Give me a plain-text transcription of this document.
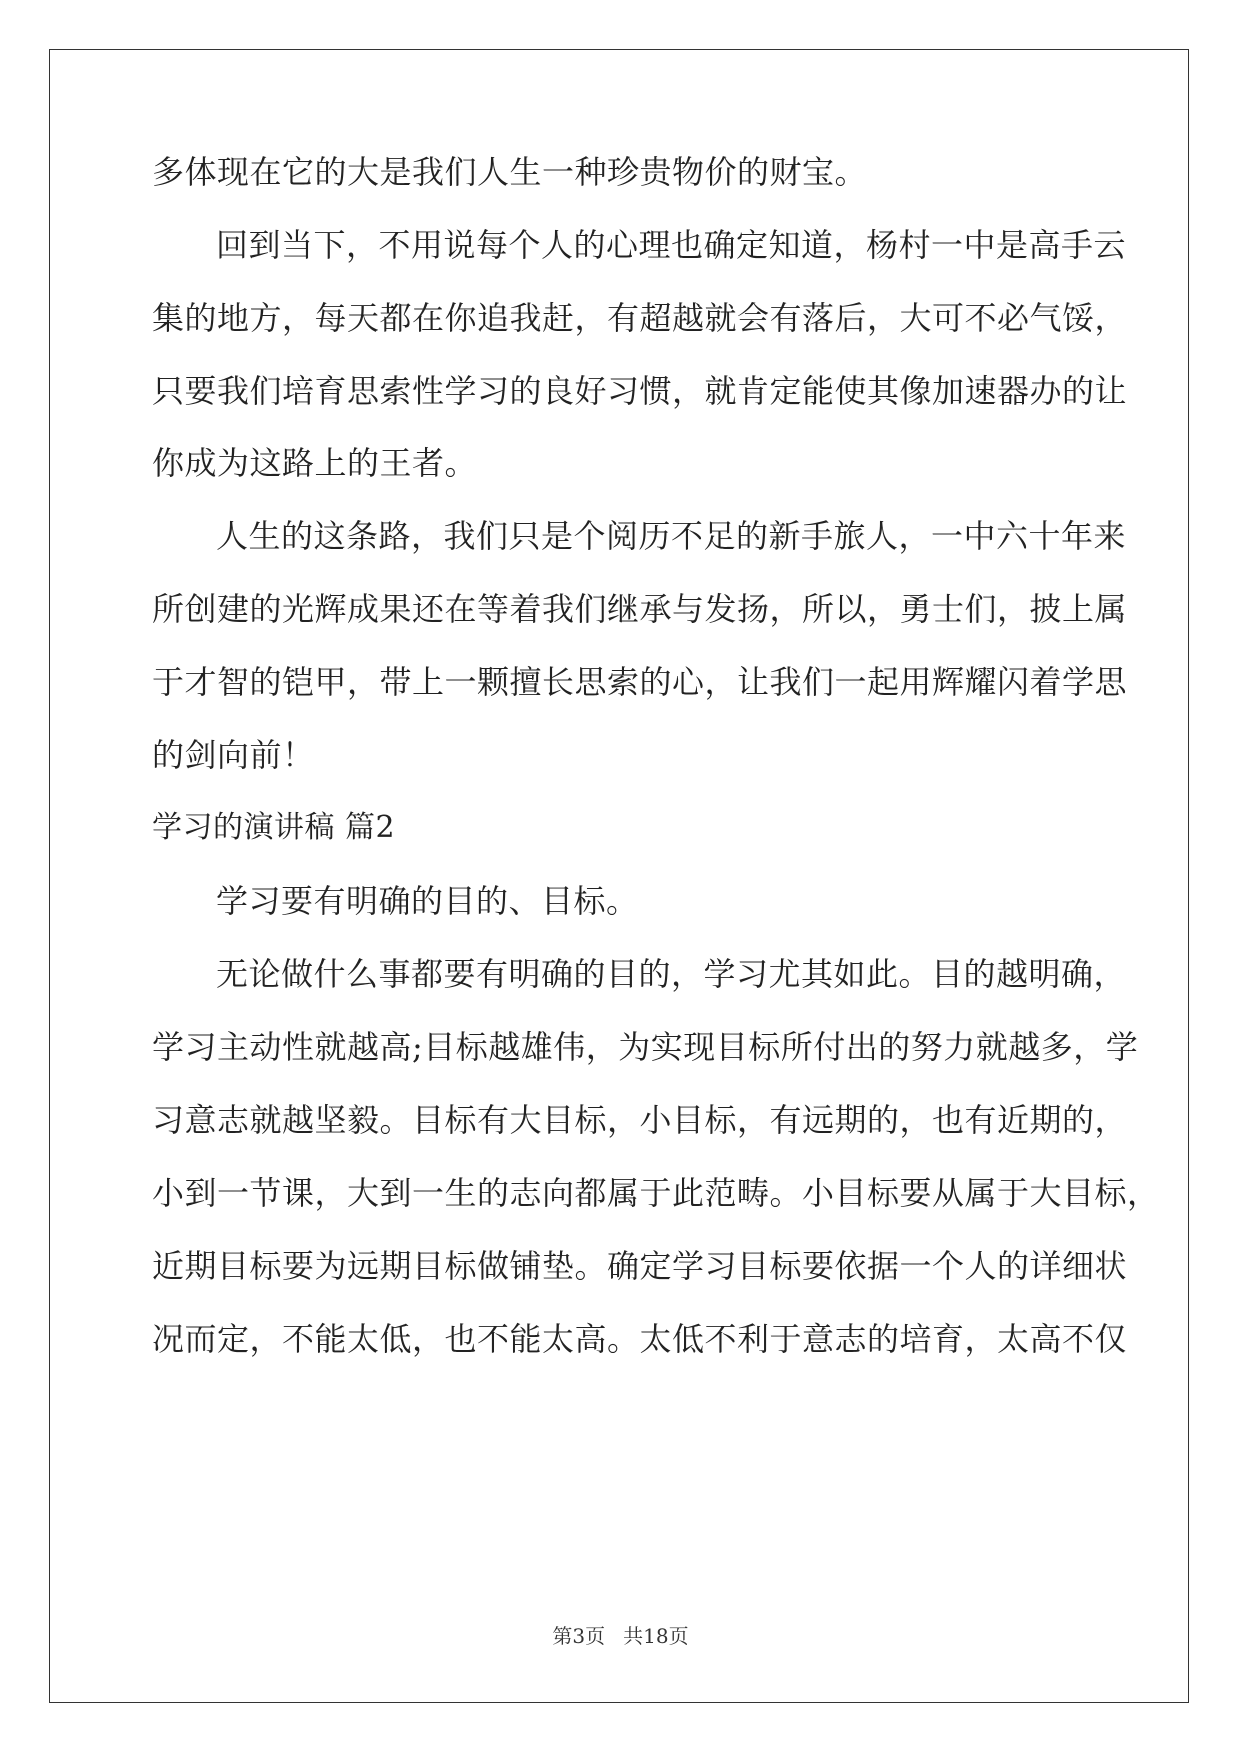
多体现在它的大是我们人生一种珍贵物价的财宝。

回到当下，不用说每个人的心理也确定知道，杨村一中是高手云

集的地方，每天都在你追我赶，有超越就会有落后，大可不必气馁，

只要我们培育思索性学习的良好习惯，就肯定能使其像加速器办的让

你成为这路上的王者。

人生的这条路，我们只是个阅历不足的新手旅人，一中六十年来

所创建的光辉成果还在等着我们继承与发扬，所以，勇士们，披上属

于才智的铠甲，带上一颗擅长思索的心，让我们一起用辉耀闪着学思

的剑向前！

学习的演讲稿 篇2

学习要有明确的目的、目标。

无论做什么事都要有明确的目的，学习尤其如此。目的越明确，

学习主动性就越高;目标越雄伟，为实现目标所付出的努力就越多，学

习意志就越坚毅。目标有大目标，小目标，有远期的，也有近期的，

小到一节课，大到一生的志向都属于此范畴。小目标要从属于大目标，

近期目标要为远期目标做铺垫。确定学习目标要依据一个人的详细状

况而定，不能太低，也不能太高。太低不利于意志的培育，太高不仅

第3页 共18页
